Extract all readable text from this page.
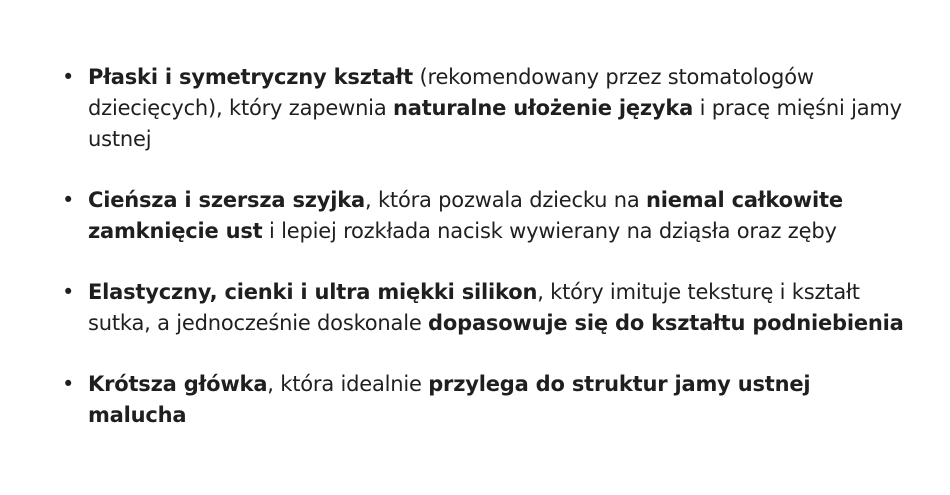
• Płaski i symetryczny kształt (rekomendowany przez stomatologów dziecięcych), który zapewnia naturalne ułożenie języka i pracę mięśni jamy ustnej
• Cieńsza i szersza szyjka, która pozwala dziecku na niemal całkowite zamknięcie ust i lepiej rozkłada nacisk wywierany na dziąsła oraz zęby
• Elastyczny, cienki i ultra miękki silikon, który imituje teksturę i kształt sutka, a jednocześnie doskonale dopasowuje się do kształtu podniebienia
• Krótsza główka, która idealnie przylega do struktur jamy ustnej malucha
